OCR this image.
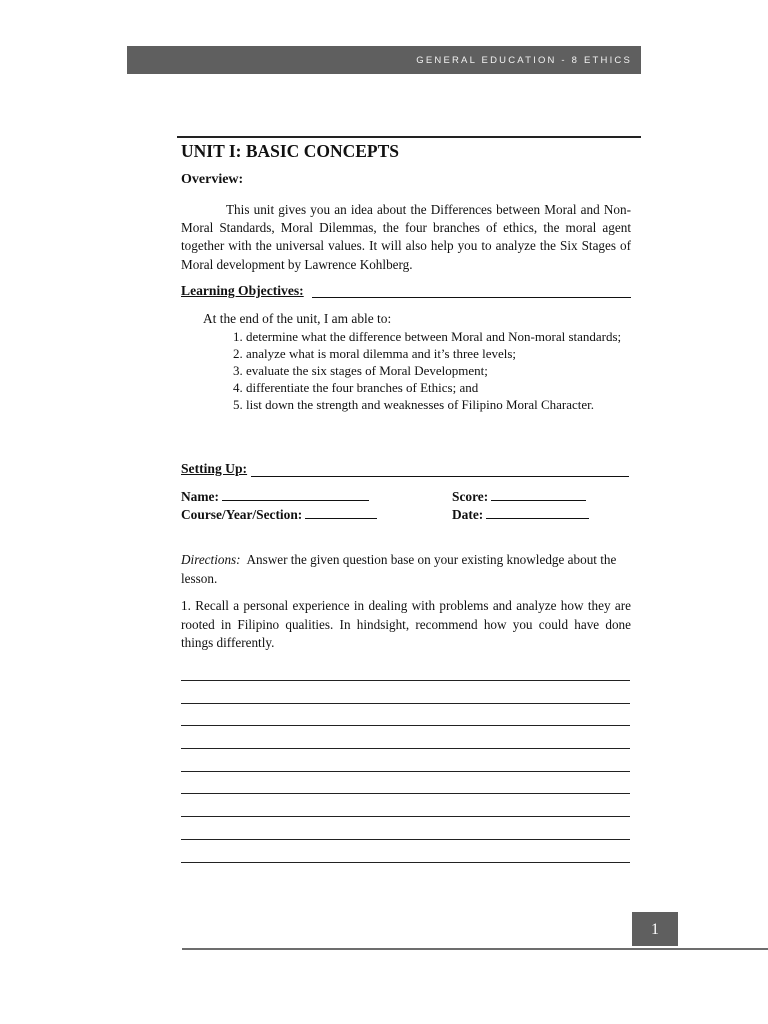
GENERAL EDUCATION - 8 ETHICS
UNIT I: BASIC CONCEPTS
Overview:
This unit gives you an idea about the Differences between Moral and Non-Moral Standards, Moral Dilemmas, the four branches of ethics, the moral agent together with the universal values. It will also help you to analyze the Six Stages of Moral development by Lawrence Kohlberg.
Learning Objectives:
At the end of the unit, I am able to:
1. determine what the difference between Moral and Non-moral standards;
2. analyze what is moral dilemma and it’s three levels;
3. evaluate the six stages of Moral Development;
4. differentiate the four branches of Ethics; and
5. list down the strength and weaknesses of Filipino Moral Character.
Setting Up:
Name:	Score:
Course/Year/Section:	Date:
Directions: Answer the given question base on your existing knowledge about the lesson.
1. Recall a personal experience in dealing with problems and analyze how they are rooted in Filipino qualities. In hindsight, recommend how you could have done things differently.
1
